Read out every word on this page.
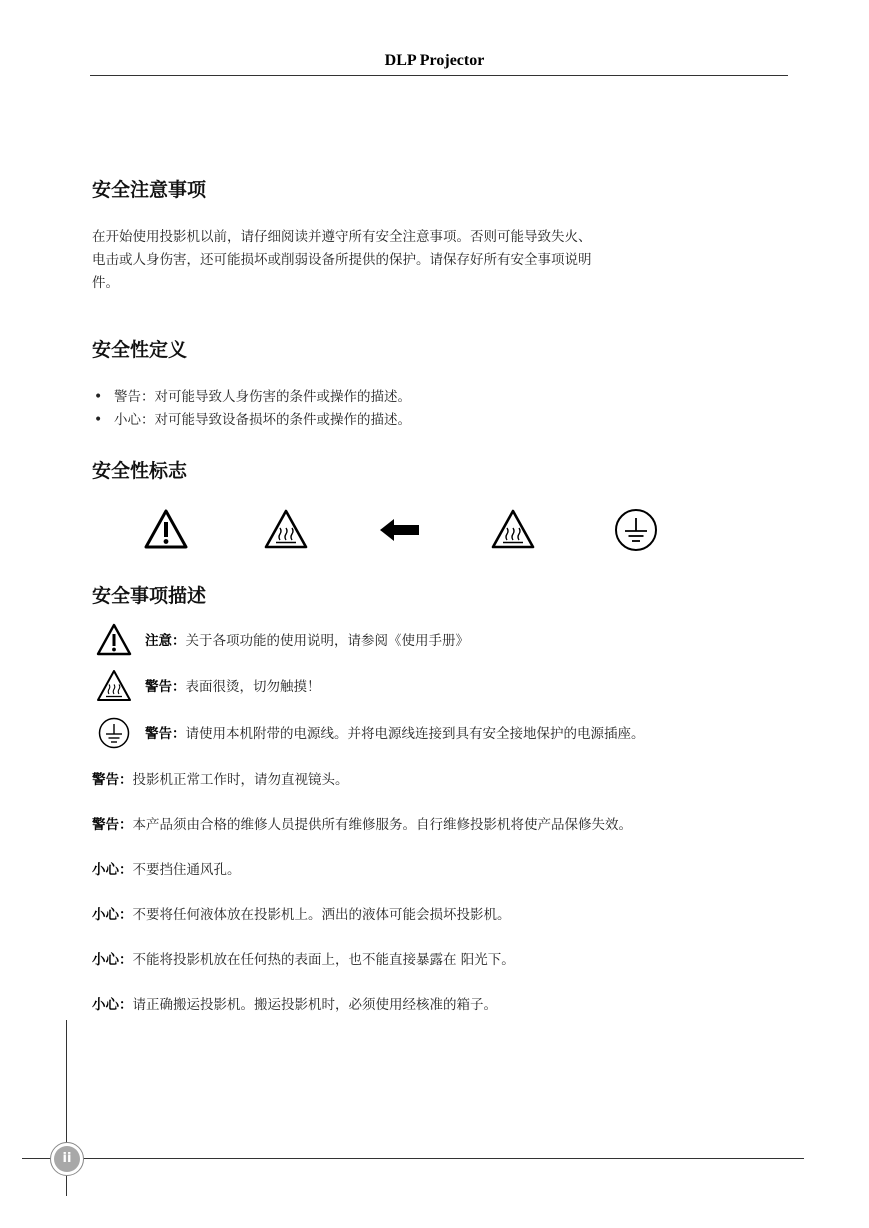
DLP Projector
安全注意事项
在开始使用投影机以前，请仔细阅读并遵守所有安全注意事项。否则可能导致失火、
电击或人身伤害，还可能损坏或削弱设备所提供的保护。请保存好所有安全事项说明
件。
安全性定义
• 警告：对可能导致人身伤害的条件或操作的描述。
• 小心：对可能导致设备损坏的条件或操作的描述。
安全性标志
安全事项描述
注意：关于各项功能的使用说明，请参阅《使用手册》
警告：表面很烫，切勿触摸！
警告：请使用本机附带的电源线。并将电源线连接到具有安全接地保护的电源插座。
警告：投影机正常工作时，请勿直视镜头。
警告：本产品须由合格的维修人员提供所有维修服务。自行维修投影机将使产品保修失效。
小心：不要挡住通风孔。
小心：不要将任何液体放在投影机上。洒出的液体可能会损坏投影机。
小心：不能将投影机放在任何热的表面上，也不能直接暴露在 阳光下。
小心：请正确搬运投影机。搬运投影机时，必须使用经核准的箱子。
ii
